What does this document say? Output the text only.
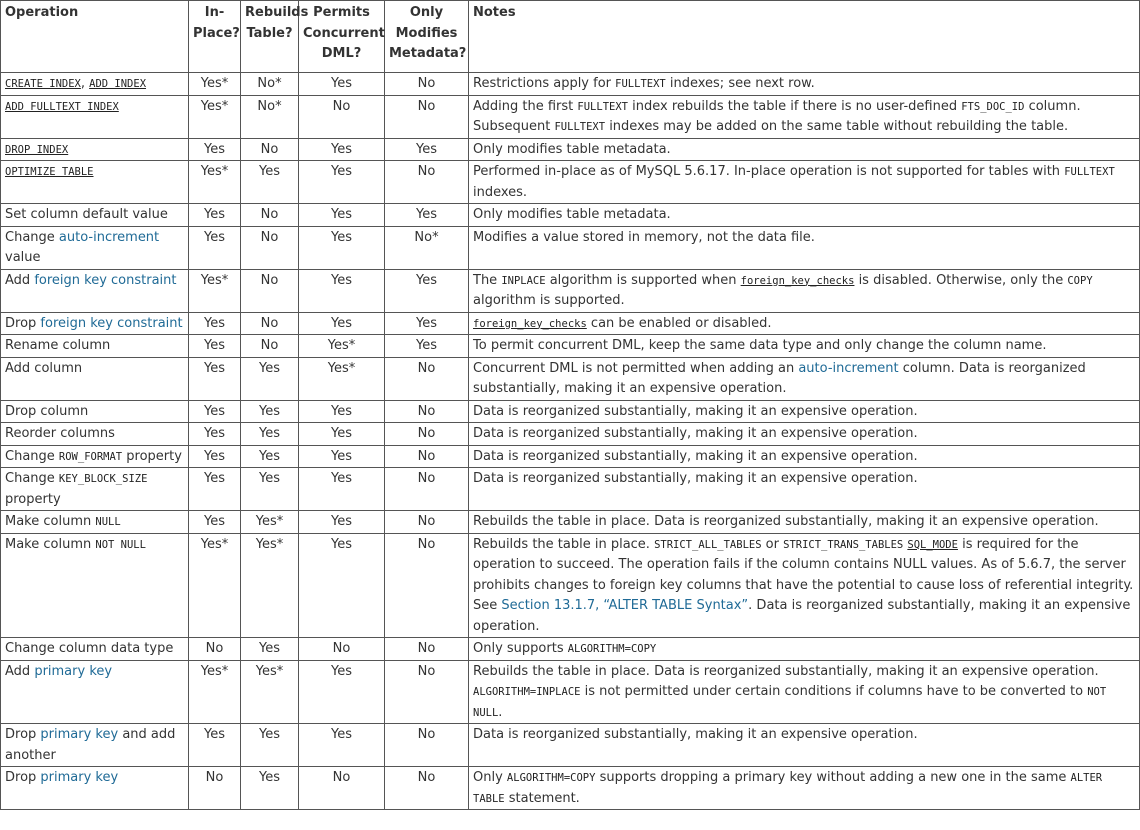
Operation	In-Place?	Rebuilds Table?	Permits Concurrent DML?	Only Modifies Metadata?	Notes
CREATE INDEX, ADD INDEX	Yes*	No*	Yes	No	Restrictions apply for FULLTEXT indexes; see next row.
ADD FULLTEXT INDEX	Yes*	No*	No	No	Adding the first FULLTEXT index rebuilds the table if there is no user-defined FTS_DOC_ID column. Subsequent FULLTEXT indexes may be added on the same table without rebuilding the table.
DROP INDEX	Yes	No	Yes	Yes	Only modifies table metadata.
OPTIMIZE TABLE	Yes*	Yes	Yes	No	Performed in-place as of MySQL 5.6.17. In-place operation is not supported for tables with FULLTEXT indexes.
Set column default value	Yes	No	Yes	Yes	Only modifies table metadata.
Change auto-increment value	Yes	No	Yes	No*	Modifies a value stored in memory, not the data file.
Add foreign key constraint	Yes*	No	Yes	Yes	The INPLACE algorithm is supported when foreign_key_checks is disabled. Otherwise, only the COPY algorithm is supported.
Drop foreign key constraint	Yes	No	Yes	Yes	foreign_key_checks can be enabled or disabled.
Rename column	Yes	No	Yes*	Yes	To permit concurrent DML, keep the same data type and only change the column name.
Add column	Yes	Yes	Yes*	No	Concurrent DML is not permitted when adding an auto-increment column. Data is reorganized substantially, making it an expensive operation.
Drop column	Yes	Yes	Yes	No	Data is reorganized substantially, making it an expensive operation.
Reorder columns	Yes	Yes	Yes	No	Data is reorganized substantially, making it an expensive operation.
Change ROW_FORMAT property	Yes	Yes	Yes	No	Data is reorganized substantially, making it an expensive operation.
Change KEY_BLOCK_SIZE property	Yes	Yes	Yes	No	Data is reorganized substantially, making it an expensive operation.
Make column NULL	Yes	Yes*	Yes	No	Rebuilds the table in place. Data is reorganized substantially, making it an expensive operation.
Make column NOT NULL	Yes*	Yes*	Yes	No	Rebuilds the table in place. STRICT_ALL_TABLES or STRICT_TRANS_TABLES SQL_MODE is required for the operation to succeed. The operation fails if the column contains NULL values. As of 5.6.7, the server prohibits changes to foreign key columns that have the potential to cause loss of referential integrity. See Section 13.1.7, “ALTER TABLE Syntax”. Data is reorganized substantially, making it an expensive operation.
Change column data type	No	Yes	No	No	Only supports ALGORITHM=COPY
Add primary key	Yes*	Yes*	Yes	No	Rebuilds the table in place. Data is reorganized substantially, making it an expensive operation. ALGORITHM=INPLACE is not permitted under certain conditions if columns have to be converted to NOT NULL.
Drop primary key and add another	Yes	Yes	Yes	No	Data is reorganized substantially, making it an expensive operation.
Drop primary key	No	Yes	No	No	Only ALGORITHM=COPY supports dropping a primary key without adding a new one in the same ALTER TABLE statement.
